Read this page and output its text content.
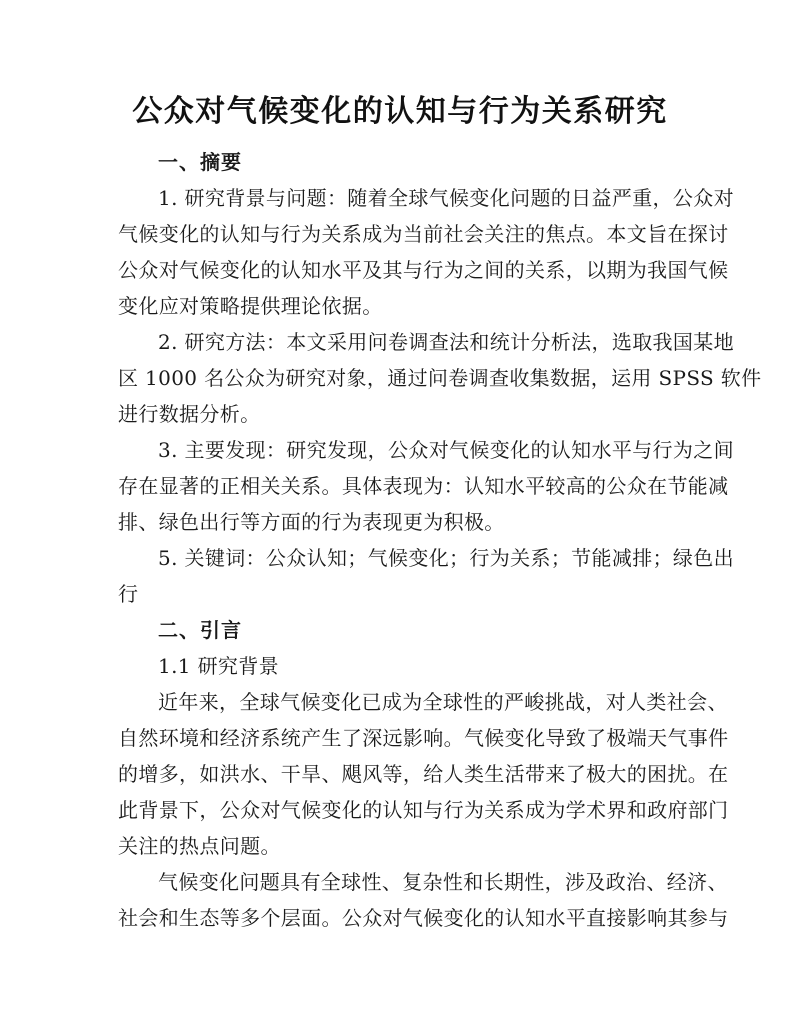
公众对气候变化的认知与行为关系研究
一、摘要
1. 研究背景与问题：随着全球气候变化问题的日益严重，公众对
气候变化的认知与行为关系成为当前社会关注的焦点。本文旨在探讨
公众对气候变化的认知水平及其与行为之间的关系，以期为我国气候
变化应对策略提供理论依据。
2. 研究方法：本文采用问卷调查法和统计分析法，选取我国某地
区 1000 名公众为研究对象，通过问卷调查收集数据，运用 SPSS 软件
进行数据分析。
3. 主要发现：研究发现，公众对气候变化的认知水平与行为之间
存在显著的正相关关系。具体表现为：认知水平较高的公众在节能减
排、绿色出行等方面的行为表现更为积极。
5. 关键词：公众认知；气候变化；行为关系；节能减排；绿色出
行
二、引言
1.1 研究背景
近年来，全球气候变化已成为全球性的严峻挑战，对人类社会、
自然环境和经济系统产生了深远影响。气候变化导致了极端天气事件
的增多，如洪水、干旱、飓风等，给人类生活带来了极大的困扰。在
此背景下，公众对气候变化的认知与行为关系成为学术界和政府部门
关注的热点问题。
气候变化问题具有全球性、复杂性和长期性，涉及政治、经济、
社会和生态等多个层面。公众对气候变化的认知水平直接影响其参与
